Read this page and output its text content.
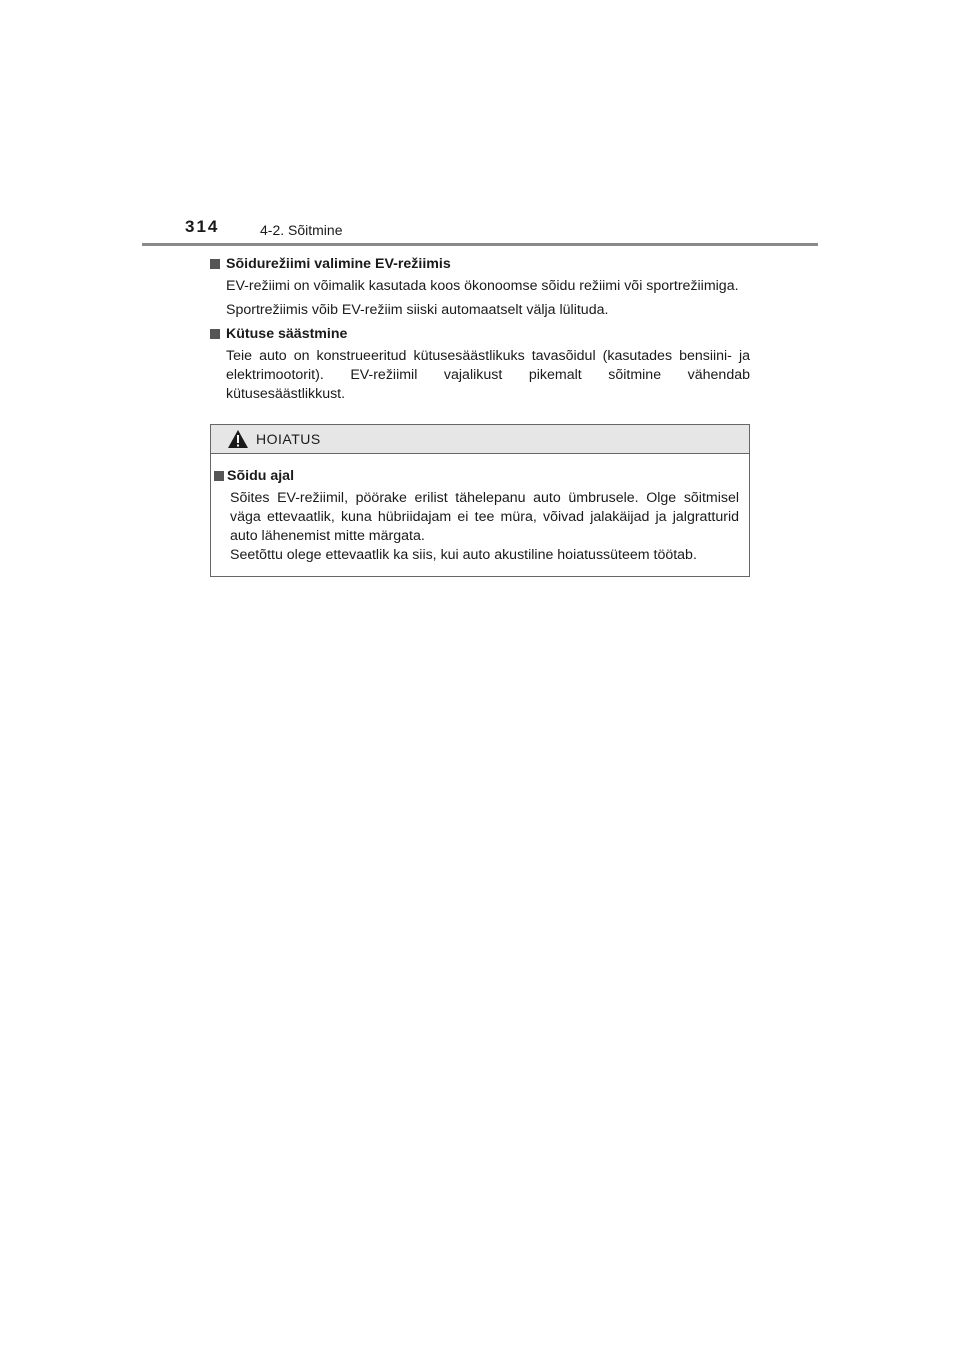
314	4-2. Sõitmine

Sõidurežiimi valimine EV-režiimis

EV-režiimi on võimalik kasutada koos ökonoomse sõidu režiimi või sportrežiimiga.

Sportrežiimis võib EV-režiim siiski automaatselt välja lülituda.

Kütuse säästmine

Teie auto on konstrueeritud kütusesäästlikuks tavasõidul (kasutades bensiini- ja elektrimootorit). EV-režiimil vajalikust pikemalt sõitmine vähendab kütusesäästlikkust.

HOIATUS

Sõidu ajal

Sõites EV-režiimil, pöörake erilist tähelepanu auto ümbrusele. Olge sõitmisel väga ettevaatlik, kuna hübriidajam ei tee müra, võivad jalakäijad ja jalgratturid auto lähenemist mitte märgata.

Seetõttu olege ettevaatlik ka siis, kui auto akustiline hoiatussüteem töötab.
